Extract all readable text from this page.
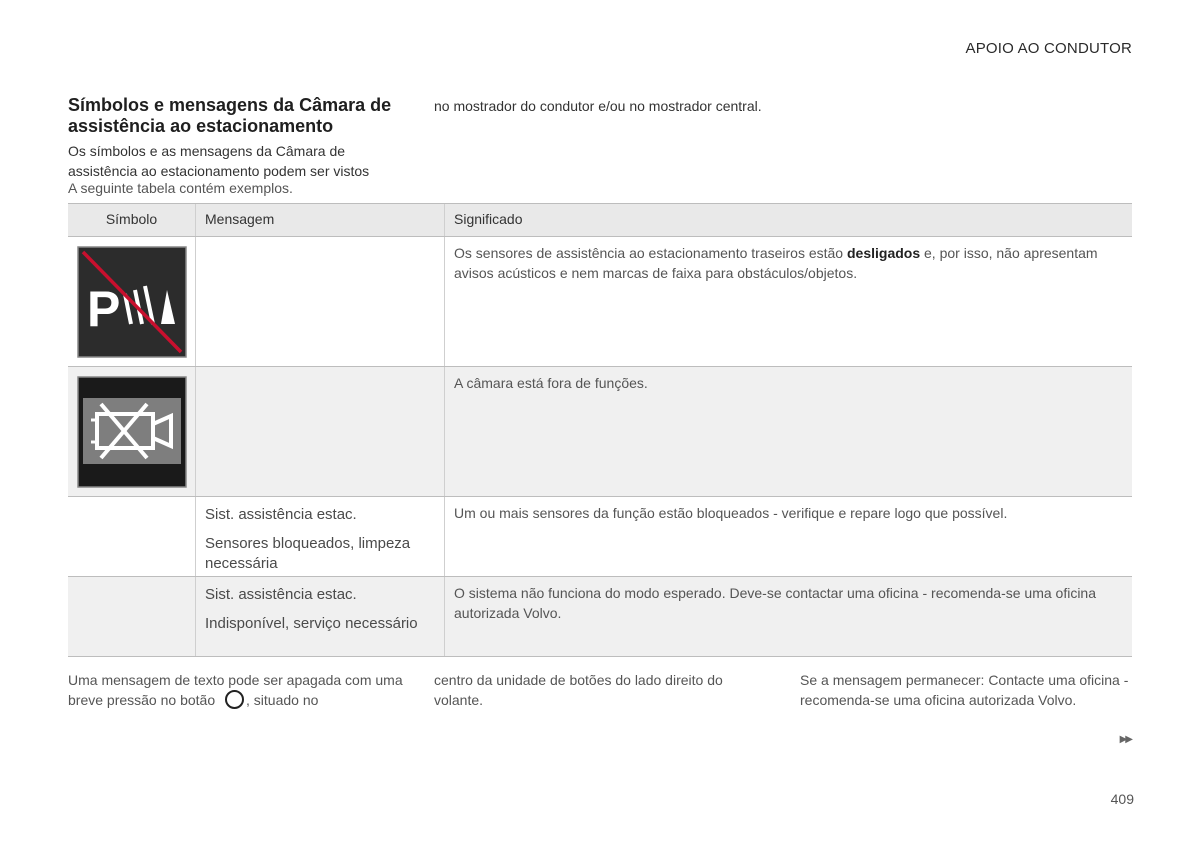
APOIO AO CONDUTOR
Símbolos e mensagens da Câmara de assistência ao estacionamento
Os símbolos e as mensagens da Câmara de assistência ao estacionamento podem ser vistos
no mostrador do condutor e/ou no mostrador central.
A seguinte tabela contém exemplos.
Símbolo	Mensagem	Significado
P
Os sensores de assistência ao estacionamento traseiros estão desligados e, por isso, não apresentam avisos acústicos e nem marcas de faixa para obstáculos/objetos.
A câmara está fora de funções.

Sist. assistência estac.

Sensores bloqueados, limpeza necessária

Um ou mais sensores da função estão bloqueados - verifique e repare logo que possível.

Sist. assistência estac.

Indisponível, serviço necessário

O sistema não funciona do modo esperado. Deve-se contactar uma oficina - recomenda-se uma oficina autorizada Volvo.
Uma mensagem de texto pode ser apagada com uma breve pressão no botão , situado no
centro da unidade de botões do lado direito do volante.
Se a mensagem permanecer: Contacte uma oficina - recomenda-se uma oficina autorizada Volvo.
▶▶
409
